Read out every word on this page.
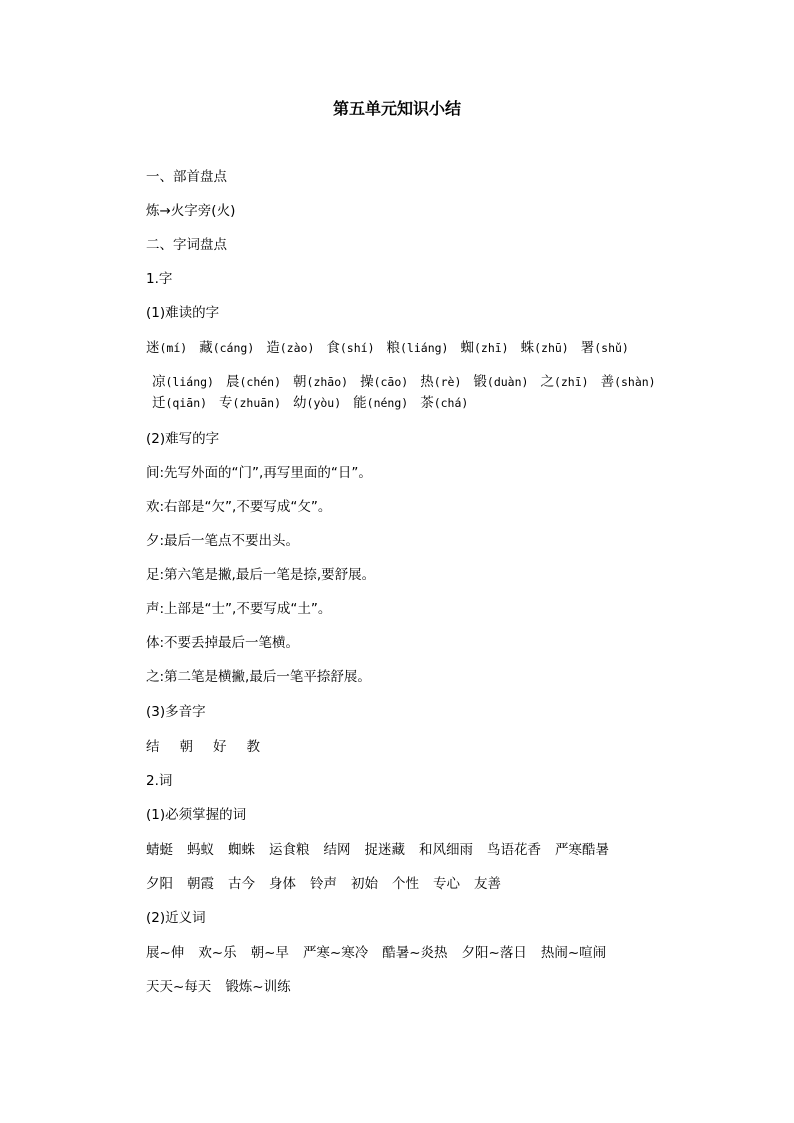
第五单元知识小结
一、部首盘点
炼→火字旁(火)
二、字词盘点
1.字
(1)难读的字
迷(mí) 藏(cáng) 造(zào) 食(shí) 粮(liáng) 蜘(zhī) 蛛(zhū) 署(shǔ)
凉(liáng) 晨(chén) 朝(zhāo) 操(cāo) 热(rè) 锻(duàn) 之(zhī) 善(shàn)
迁(qiān) 专(zhuān) 幼(yòu) 能(néng) 茶(chá)
(2)难写的字
间:先写外面的“门”,再写里面的“日”。
欢:右部是“欠”,不要写成“攵”。
夕:最后一笔点不要出头。
足:第六笔是撇,最后一笔是捺,要舒展。
声:上部是“士”,不要写成“土”。
体:不要丢掉最后一笔横。
之:第二笔是横撇,最后一笔平捺舒展。
(3)多音字
结 朝 好 教
2.词
(1)必须掌握的词
蜻蜓 蚂蚁 蜘蛛 运食粮 结网 捉迷藏 和风细雨 鸟语花香 严寒酷暑
夕阳 朝霞 古今 身体 铃声 初始 个性 专心 友善
(2)近义词
展~伸 欢~乐 朝~早 严寒~寒冷 酷暑~炎热 夕阳~落日 热闹~喧闹
天天~每天 锻炼~训练
